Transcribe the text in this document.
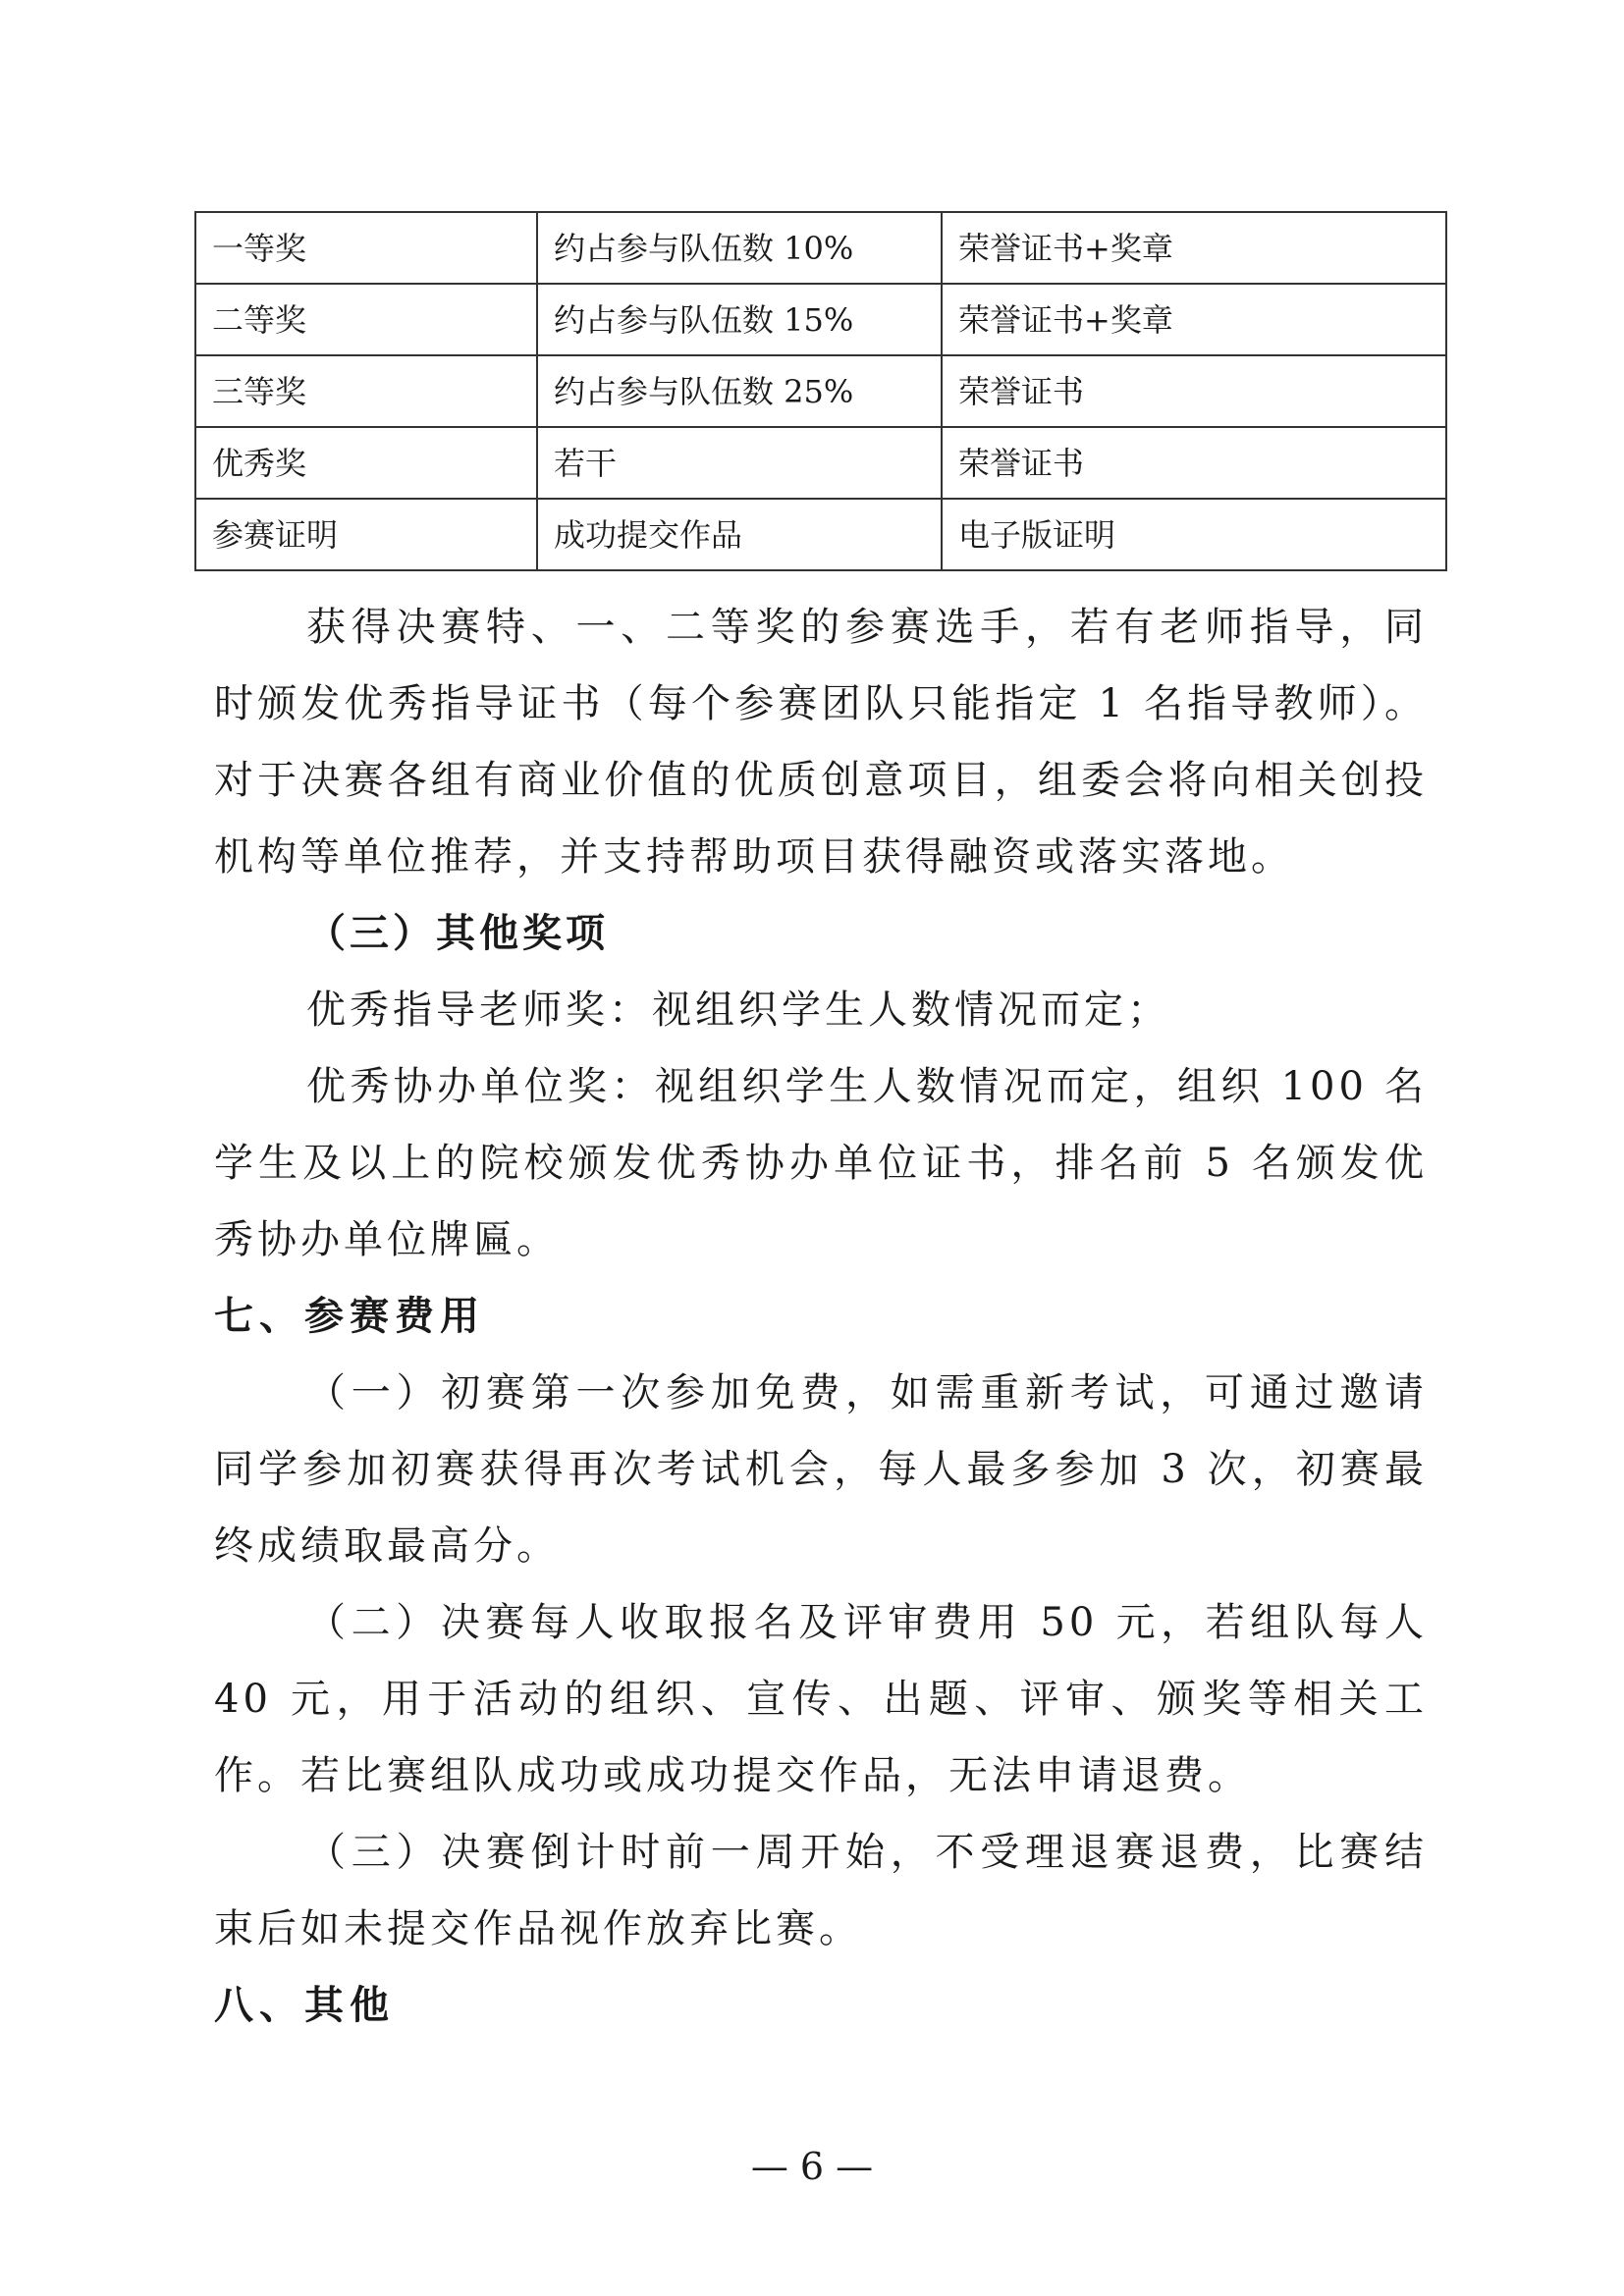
一等奖	约占参与队伍数 10%	荣誉证书+奖章
二等奖	约占参与队伍数 15%	荣誉证书+奖章
三等奖	约占参与队伍数 25%	荣誉证书
优秀奖	若干	荣誉证书
参赛证明	成功提交作品	电子版证明

获得决赛特、一、二等奖的参赛选手，若有老师指导，同时颁发优秀指导证书（每个参赛团队只能指定 1 名指导教师）。对于决赛各组有商业价值的优质创意项目，组委会将向相关创投机构等单位推荐，并支持帮助项目获得融资或落实落地。

（三）其他奖项

优秀指导老师奖：视组织学生人数情况而定；

优秀协办单位奖：视组织学生人数情况而定，组织 100 名学生及以上的院校颁发优秀协办单位证书，排名前 5 名颁发优秀协办单位牌匾。

七、参赛费用

（一）初赛第一次参加免费，如需重新考试，可通过邀请同学参加初赛获得再次考试机会，每人最多参加 3 次，初赛最终成绩取最高分。

（二）决赛每人收取报名及评审费用 50 元，若组队每人 40 元，用于活动的组织、宣传、出题、评审、颁奖等相关工作。若比赛组队成功或成功提交作品，无法申请退费。

（三）决赛倒计时前一周开始，不受理退赛退费，比赛结束后如未提交作品视作放弃比赛。

八、其他

— 6 —
